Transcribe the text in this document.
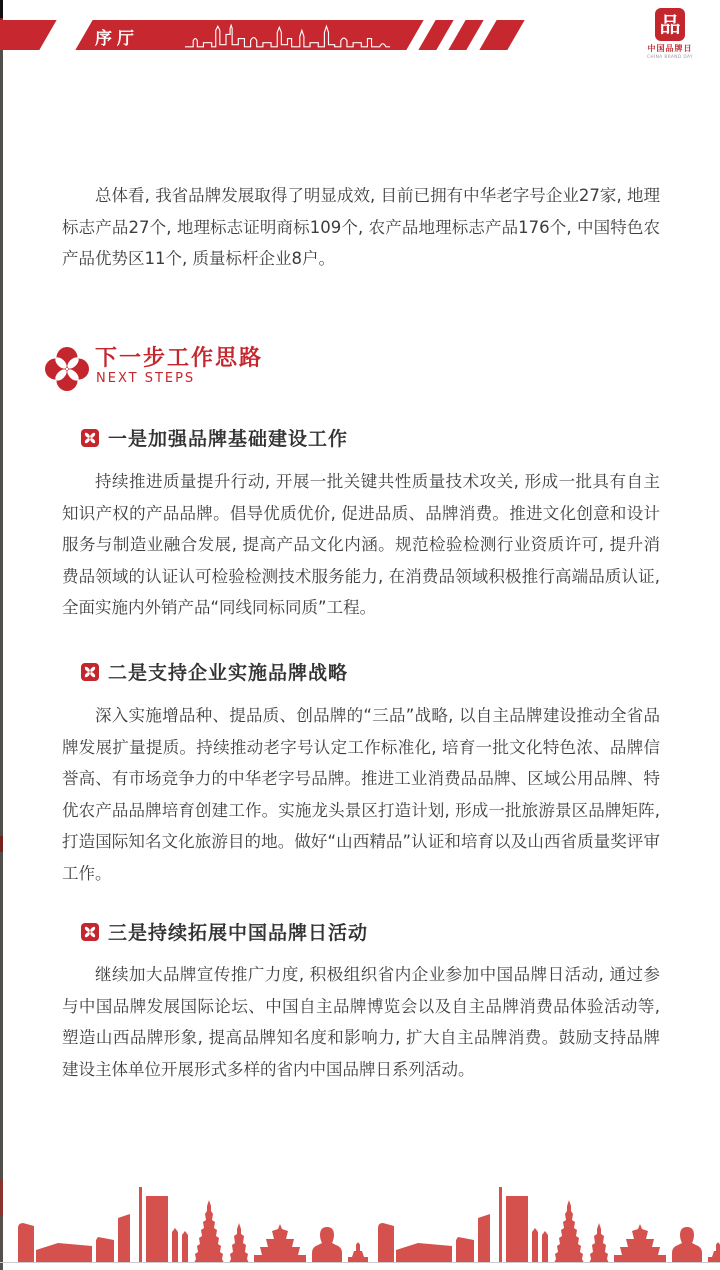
序厅
品
中国品牌日
CHINA BRAND DAY

总体看, 我省品牌发展取得了明显成效, 目前已拥有中华老字号企业27家, 地理标志产品27个, 地理标志证明商标109个, 农产品地理标志产品176个, 中国特色农产品优势区11个, 质量标杆企业8户。

下一步工作思路
NEXT STEPS
一是加强品牌基础建设工作

持续推进质量提升行动, 开展一批关键共性质量技术攻关, 形成一批具有自主知识产权的产品品牌。倡导优质优价, 促进品质、品牌消费。推进文化创意和设计服务与制造业融合发展, 提高产品文化内涵。规范检验检测行业资质许可, 提升消费品领域的认证认可检验检测技术服务能力, 在消费品领域积极推行高端品质认证, 全面实施内外销产品“同线同标同质”工程。

二是支持企业实施品牌战略

深入实施增品种、提品质、创品牌的“三品”战略, 以自主品牌建设推动全省品牌发展扩量提质。持续推动老字号认定工作标准化, 培育一批文化特色浓、品牌信誉高、有市场竞争力的中华老字号品牌。推进工业消费品品牌、区域公用品牌、特优农产品品牌培育创建工作。实施龙头景区打造计划, 形成一批旅游景区品牌矩阵, 打造国际知名文化旅游目的地。做好“山西精品”认证和培育以及山西省质量奖评审工作。

三是持续拓展中国品牌日活动

继续加大品牌宣传推广力度, 积极组织省内企业参加中国品牌日活动, 通过参与中国品牌发展国际论坛、中国自主品牌博览会以及自主品牌消费品体验活动等, 塑造山西品牌形象, 提高品牌知名度和影响力, 扩大自主品牌消费。鼓励支持品牌建设主体单位开展形式多样的省内中国品牌日系列活动。
